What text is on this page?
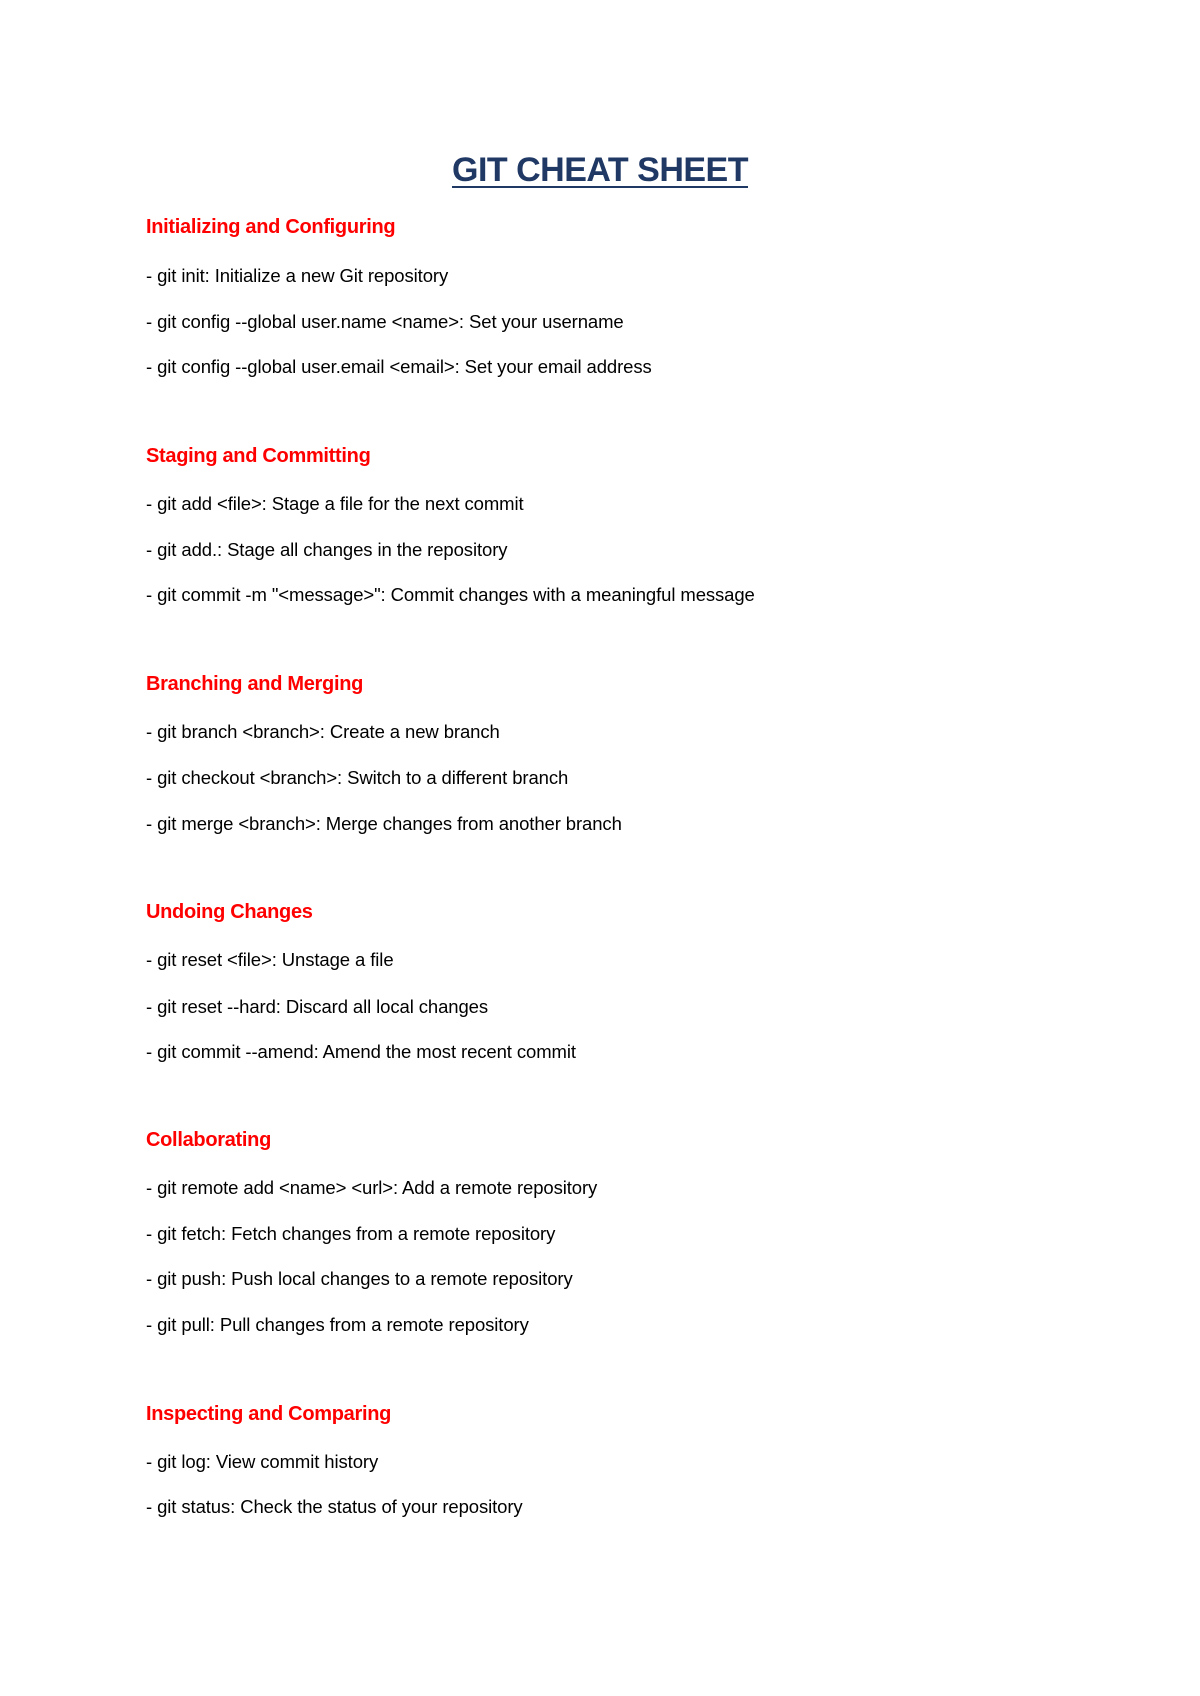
GIT CHEAT SHEET
Initializing and Configuring

- git init: Initialize a new Git repository

- git config --global user.name <name>: Set your username

- git config --global user.email <email>: Set your email address

Staging and Committing

- git add <file>: Stage a file for the next commit

- git add.: Stage all changes in the repository

- git commit -m "<message>": Commit changes with a meaningful message

Branching and Merging

- git branch <branch>: Create a new branch

- git checkout <branch>: Switch to a different branch

- git merge <branch>: Merge changes from another branch

Undoing Changes

- git reset <file>: Unstage a file

- git reset --hard: Discard all local changes

- git commit --amend: Amend the most recent commit

Collaborating

- git remote add <name> <url>: Add a remote repository

- git fetch: Fetch changes from a remote repository

- git push: Push local changes to a remote repository

- git pull: Pull changes from a remote repository

Inspecting and Comparing

- git log: View commit history

- git status: Check the status of your repository
